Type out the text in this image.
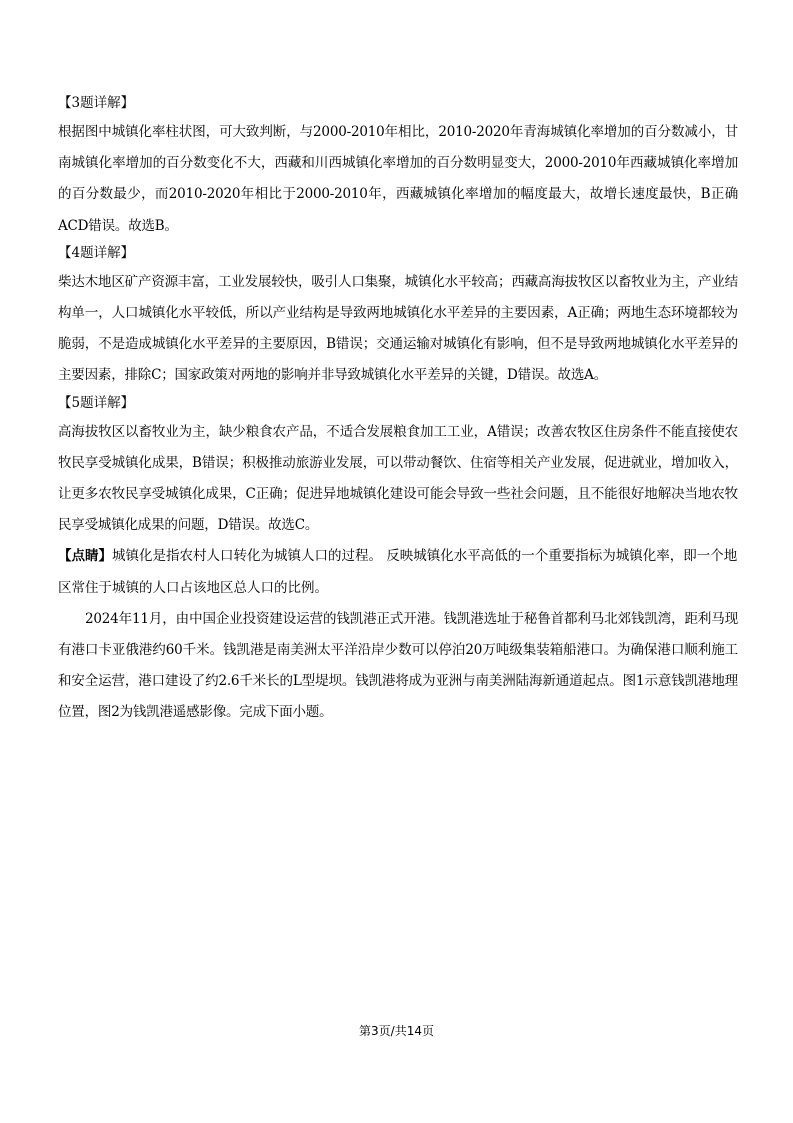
【3题详解】

根据图中城镇化率柱状图，可大致判断，与2000-2010年相比，2010-2020年青海城镇化率增加的百分数减小，甘南城镇化率增加的百分数变化不大，西藏和川西城镇化率增加的百分数明显变大，2000-2010年西藏城镇化率增加的百分数最少，而2010-2020年相比于2000-2010年，西藏城镇化率增加的幅度最大，故增长速度最快，B正确ACD错误。故选B。

【4题详解】

柴达木地区矿产资源丰富，工业发展较快，吸引人口集聚，城镇化水平较高；西藏高海拔牧区以畜牧业为主，产业结构单一，人口城镇化水平较低，所以产业结构是导致两地城镇化水平差异的主要因素，A正确；两地生态环境都较为脆弱，不是造成城镇化水平差异的主要原因，B错误；交通运输对城镇化有影响，但不是导致两地城镇化水平差异的主要因素，排除C；国家政策对两地的影响并非导致城镇化水平差异的关键，D错误。故选A。

【5题详解】

高海拔牧区以畜牧业为主，缺少粮食农产品，不适合发展粮食加工工业，A错误；改善农牧区住房条件不能直接使农牧民享受城镇化成果，B错误；积极推动旅游业发展，可以带动餐饮、住宿等相关产业发展，促进就业，增加收入，让更多农牧民享受城镇化成果，C正确；促进异地城镇化建设可能会导致一些社会问题，且不能很好地解决当地农牧民享受城镇化成果的问题，D错误。故选C。

【点睛】城镇化是指农村人口转化为城镇人口的过程。 反映城镇化水平高低的一个重要指标为城镇化率，即一个地区常住于城镇的人口占该地区总人口的比例。

2024年11月，由中国企业投资建设运营的钱凯港正式开港。钱凯港选址于秘鲁首都利马北郊钱凯湾，距利马现有港口卡亚俄港约60千米。钱凯港是南美洲太平洋沿岸少数可以停泊20万吨级集装箱船港口。为确保港口顺利施工和安全运营，港口建设了约2.6千米长的L型堤坝。钱凯港将成为亚洲与南美洲陆海新通道起点。图1示意钱凯港地理位置，图2为钱凯港遥感影像。完成下面小题。

第3页/共14页
